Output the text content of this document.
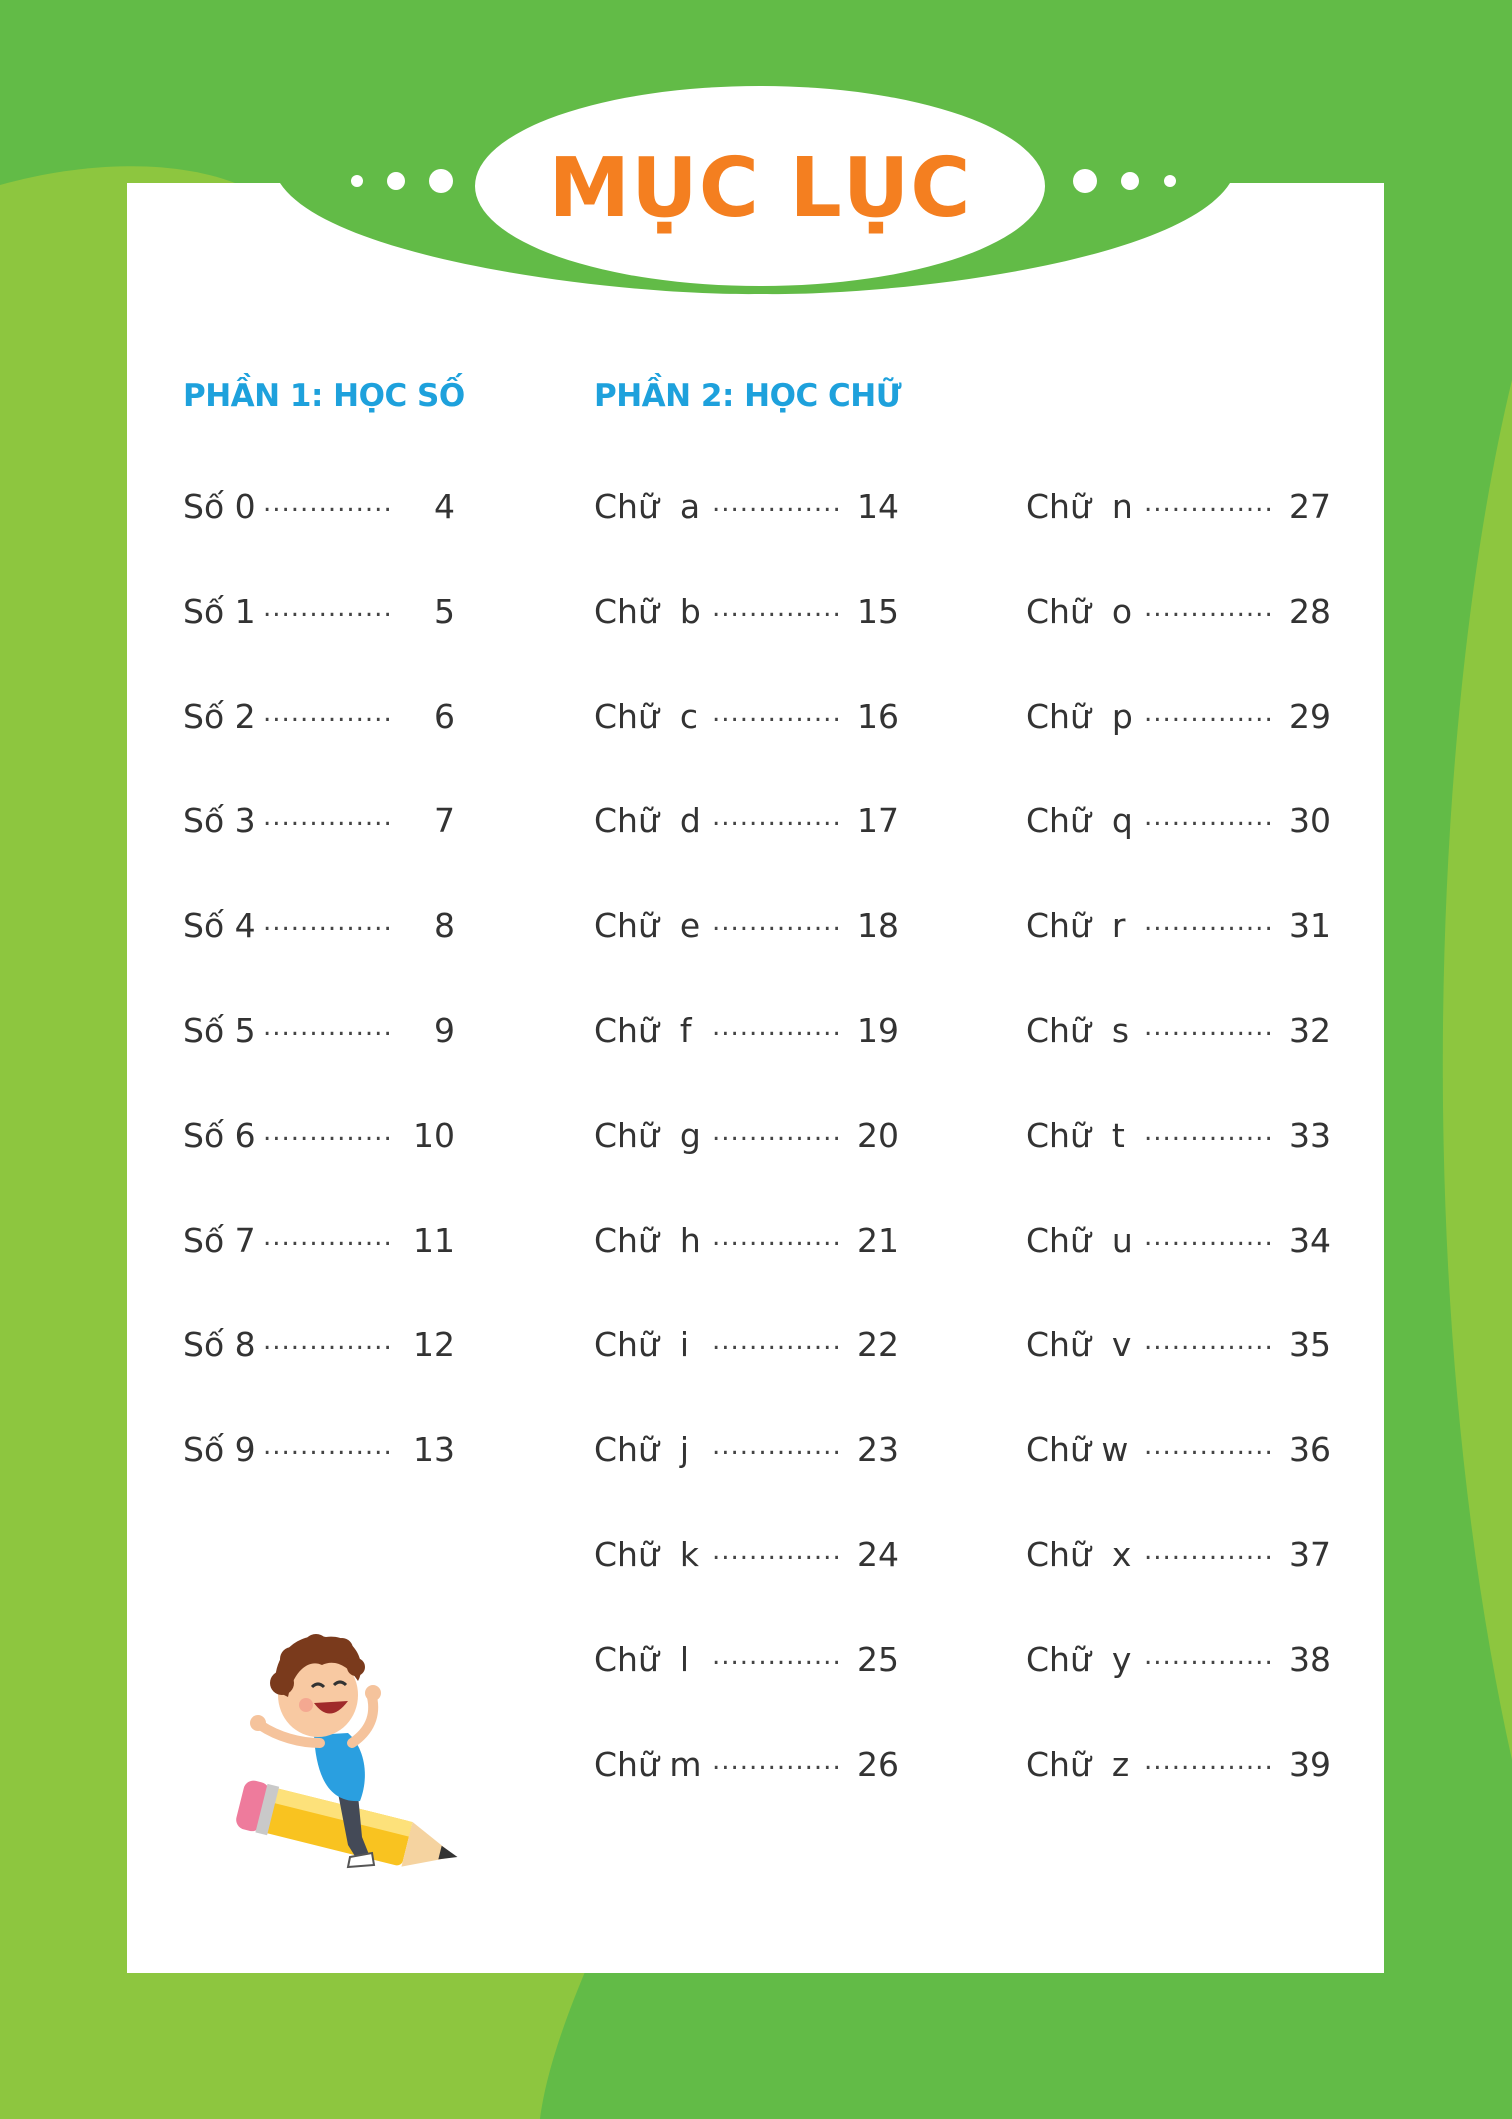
MỤC LỤC
PHẦN 1: HỌC SỐ	PHẦN 2: HỌC CHỮ
Số 0 .............. 4
Số 1 .............. 5
Số 2 .............. 6
Số 3 .............. 7
Số 4 .............. 8
Số 5 .............. 9
Số 6 .............. 10
Số 7 .............. 11
Số 8 .............. 12
Số 9 .............. 13
Chữ  a .............. 14
Chữ  b .............. 15
Chữ  c .............. 16
Chữ  d .............. 17
Chữ  e .............. 18
Chữ  f .............. 19
Chữ  g .............. 20
Chữ  h .............. 21
Chữ  i .............. 22
Chữ  j .............. 23
Chữ  k .............. 24
Chữ  l .............. 25
Chữ m .............. 26
Chữ  n .............. 27
Chữ  o .............. 28
Chữ  p .............. 29
Chữ  q .............. 30
Chữ  r .............. 31
Chữ  s .............. 32
Chữ  t .............. 33
Chữ  u .............. 34
Chữ  v .............. 35
Chữ w .............. 36
Chữ  x .............. 37
Chữ  y .............. 38
Chữ  z .............. 39
